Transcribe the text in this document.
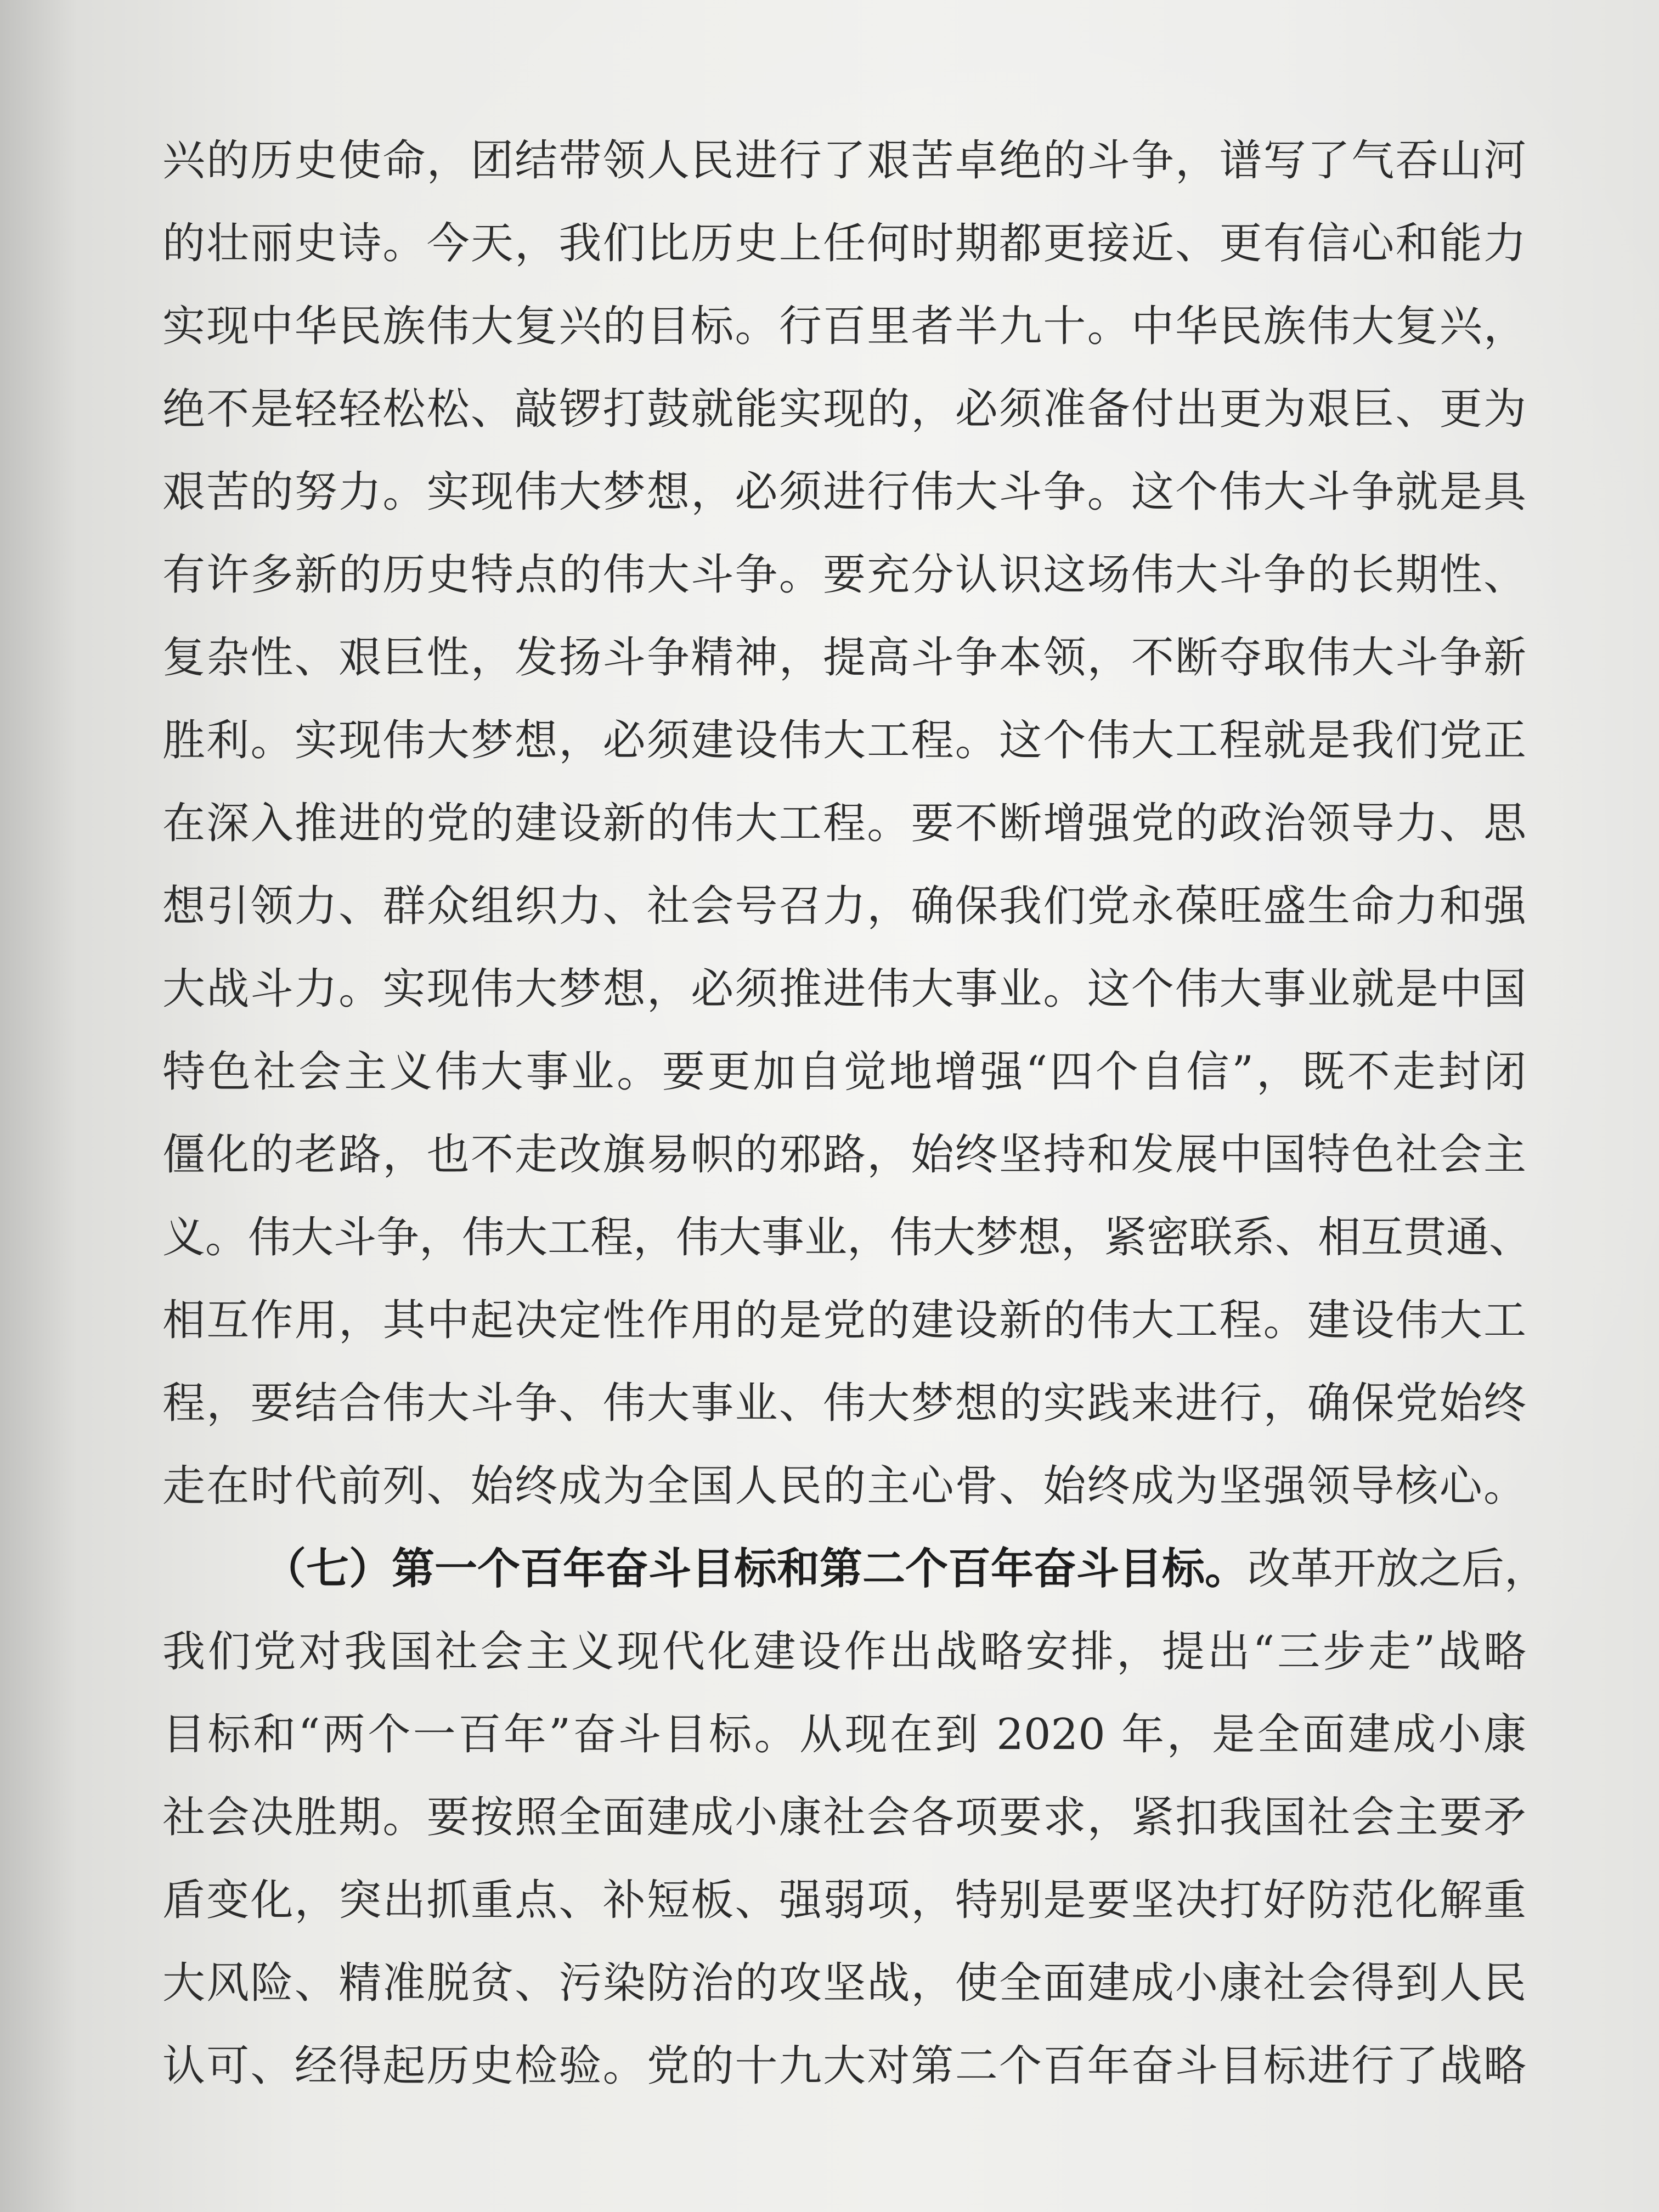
兴的历史使命，团结带领人民进行了艰苦卓绝的斗争，谱写了气吞山河
的壮丽史诗。今天，我们比历史上任何时期都更接近、更有信心和能力
实现中华民族伟大复兴的目标。行百里者半九十。中华民族伟大复兴，
绝不是轻轻松松、敲锣打鼓就能实现的，必须准备付出更为艰巨、更为
艰苦的努力。实现伟大梦想，必须进行伟大斗争。这个伟大斗争就是具
有许多新的历史特点的伟大斗争。要充分认识这场伟大斗争的长期性、
复杂性、艰巨性，发扬斗争精神，提高斗争本领，不断夺取伟大斗争新
胜利。实现伟大梦想，必须建设伟大工程。这个伟大工程就是我们党正
在深入推进的党的建设新的伟大工程。要不断增强党的政治领导力、思
想引领力、群众组织力、社会号召力，确保我们党永葆旺盛生命力和强
大战斗力。实现伟大梦想，必须推进伟大事业。这个伟大事业就是中国
特色社会主义伟大事业。要更加自觉地增强“四个自信”，既不走封闭
僵化的老路，也不走改旗易帜的邪路，始终坚持和发展中国特色社会主
义。伟大斗争，伟大工程，伟大事业，伟大梦想，紧密联系、相互贯通、
相互作用，其中起决定性作用的是党的建设新的伟大工程。建设伟大工
程，要结合伟大斗争、伟大事业、伟大梦想的实践来进行，确保党始终
走在时代前列、始终成为全国人民的主心骨、始终成为坚强领导核心。
（七）第一个百年奋斗目标和第二个百年奋斗目标。改革开放之后，
我们党对我国社会主义现代化建设作出战略安排，提出“三步走”战略
目标和“两个一百年”奋斗目标。从现在到 2020 年，是全面建成小康
社会决胜期。要按照全面建成小康社会各项要求，紧扣我国社会主要矛
盾变化，突出抓重点、补短板、强弱项，特别是要坚决打好防范化解重
大风险、精准脱贫、污染防治的攻坚战，使全面建成小康社会得到人民
认可、经得起历史检验。党的十九大对第二个百年奋斗目标进行了战略
